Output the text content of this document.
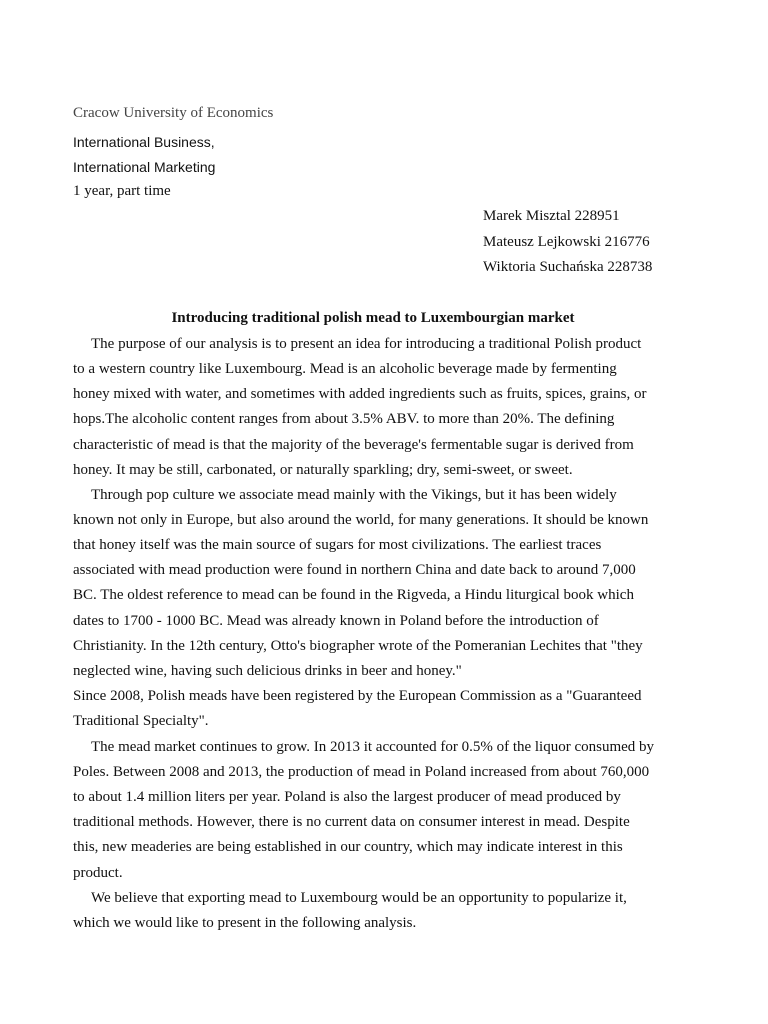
Cracow University of Economics
International Business,
International Marketing
1 year, part time
Marek Misztal 228951
Mateusz Lejkowski 216776
Wiktoria Suchańska 228738
Introducing traditional polish mead to Luxembourgian market
The purpose of our analysis is to present an idea for introducing a traditional Polish product
to a western country like Luxembourg. Mead is an alcoholic beverage made by fermenting
honey mixed with water, and sometimes with added ingredients such as fruits, spices, grains, or
hops.The alcoholic content ranges from about 3.5% ABV. to more than 20%. The defining
characteristic of mead is that the majority of the beverage's fermentable sugar is derived from
honey. It may be still, carbonated, or naturally sparkling; dry, semi-sweet, or sweet.
Through pop culture we associate mead mainly with the Vikings, but it has been widely
known not only in Europe, but also around the world, for many generations. It should be known
that honey itself was the main source of sugars for most civilizations. The earliest traces
associated with mead production were found in northern China and date back to around 7,000
BC. The oldest reference to mead can be found in the Rigveda, a Hindu liturgical book which
dates to 1700 - 1000 BC. Mead was already known in Poland before the introduction of
Christianity. In the 12th century, Otto's biographer wrote of the Pomeranian Lechites that "they
neglected wine, having such delicious drinks in beer and honey."
Since 2008, Polish meads have been registered by the European Commission as a "Guaranteed
Traditional Specialty".
The mead market continues to grow. In 2013 it accounted for 0.5% of the liquor consumed by
Poles. Between 2008 and 2013, the production of mead in Poland increased from about 760,000
to about 1.4 million liters per year. Poland is also the largest producer of mead produced by
traditional methods. However, there is no current data on consumer interest in mead. Despite
this, new meaderies are being established in our country, which may indicate interest in this
product.
We believe that exporting mead to Luxembourg would be an opportunity to popularize it,
which we would like to present in the following analysis.
